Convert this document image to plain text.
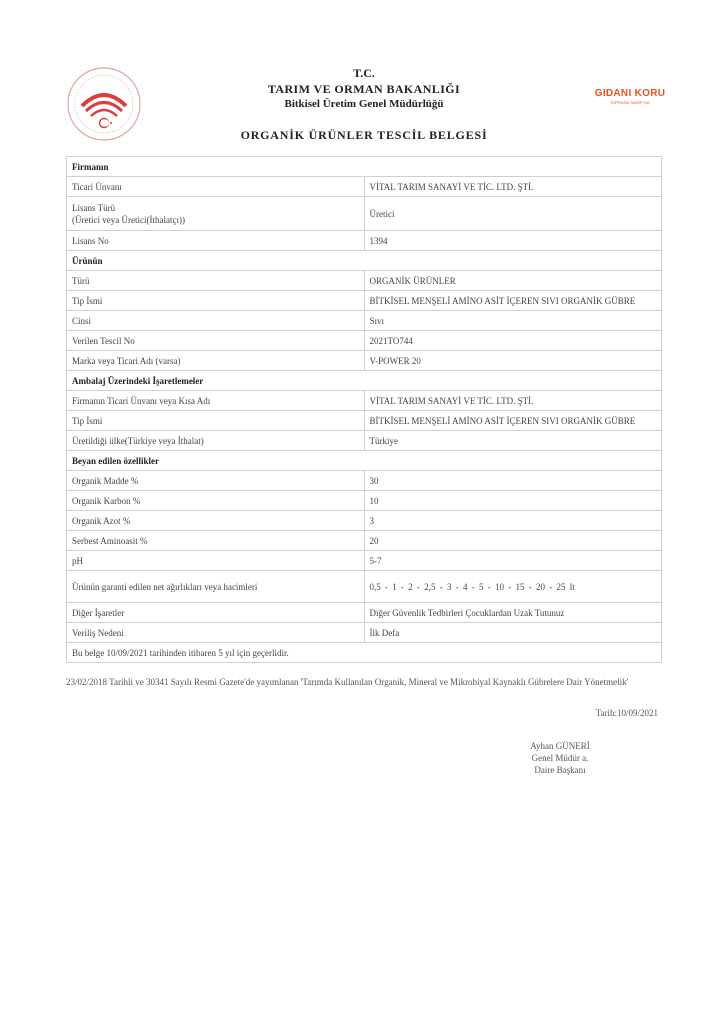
GIDANI KORU
TOPRAĞA SAHİP ÇIK
T.C.
TARIM VE ORMAN BAKANLIĞI
Bitkisel Üretim Genel Müdürlüğü
ORGANİK ÜRÜNLER TESCİL BELGESİ
Firmanın	
Ticari Ünvanı	VİTAL TARIM SANAYİ VE TİC. LTD. ŞTİ.
Lisans Türü
(Üretici veya Üretici(İthalatçı))	Üretici
Lisans No	1394
Ürünün	
Türü	ORGANİK ÜRÜNLER
Tip İsmi	BİTKİSEL MENŞELİ AMİNO ASİT İÇEREN SIVI ORGANİK GÜBRE
Cinsi	Sıvı
Verilen Tescil No	2021TO744
Marka veya Ticari Adı (varsa)	V-POWER 20
Ambalaj Üzerindeki İşaretlemeler	
Firmanın Ticari Ünvanı veya Kısa Adı	VİTAL TARIM SANAYİ VE TİC. LTD. ŞTİ.
Tip İsmi	BİTKİSEL MENŞELİ AMİNO ASİT İÇEREN SIVI ORGANİK GÜBRE
Üretildiği ülke(Türkiye veya İthalat)	Türkiye
Beyan edilen özellikler	
Organik Madde %	30
Organik Karbon %	10
Organik Azot %	3
Serbest Aminoasit %	20
pH	5-7
Ürünün garanti edilen net ağırlıkları veya hacimleri	0,5 - 1 - 2 - 2,5 - 3 - 4 - 5 - 10 - 15 - 20 - 25 lt
Diğer İşaretler	Diğer Güvenlik Tedbirleri Çocuklardan Uzak Tutunuz
Veriliş Nedeni	İlk Defa
Bu belge 10/09/2021 tarihinden itibaren 5 yıl için geçerlidir.	
23/02/2018 Tarihli ve 30341 Sayılı Resmi Gazete'de yayımlanan 'Tarımda Kullanılan Organik, Mineral ve Mikrobiyal Kaynaklı Gübrelere Dair Yönetmelik'
Tarih:10/09/2021
Ayhan GÜNERİ
Genel Müdür a.
Daire Başkanı
